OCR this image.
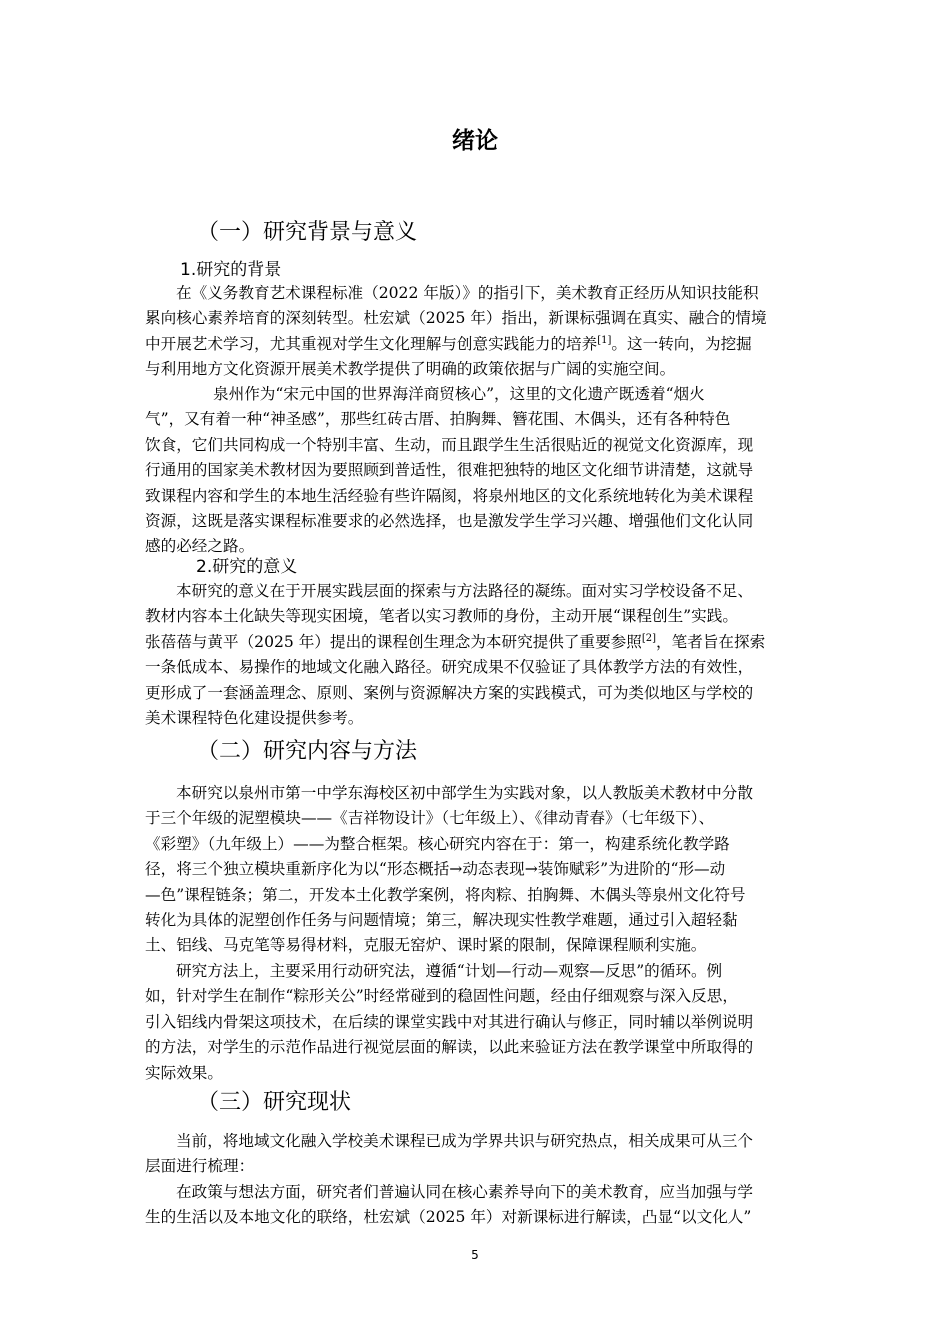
绪论
（一）研究背景与意义
1.研究的背景
在《义务教育艺术课程标准（2022 年版）》的指引下，美术教育正经历从知识技能积
累向核心素养培育的深刻转型。杜宏斌（2025 年）指出，新课标强调在真实、融合的情境
中开展艺术学习，尤其重视对学生文化理解与创意实践能力的培养[1]。这一转向，为挖掘
与利用地方文化资源开展美术教学提供了明确的政策依据与广阔的实施空间。
泉州作为“宋元中国的世界海洋商贸核心”，这里的文化遗产既透着“烟火
气”，又有着一种“神圣感”，那些红砖古厝、拍胸舞、簪花围、木偶头，还有各种特色
饮食，它们共同构成一个特别丰富、生动，而且跟学生生活很贴近的视觉文化资源库，现
行通用的国家美术教材因为要照顾到普适性，很难把独特的地区文化细节讲清楚，这就导
致课程内容和学生的本地生活经验有些许隔阂，将泉州地区的文化系统地转化为美术课程
资源，这既是落实课程标准要求的必然选择，也是激发学生学习兴趣、增强他们文化认同
感的必经之路。
2.研究的意义
本研究的意义在于开展实践层面的探索与方法路径的凝练。面对实习学校设备不足、
教材内容本土化缺失等现实困境，笔者以实习教师的身份，主动开展“课程创生”实践。
张蓓蓓与黄平（2025 年）提出的课程创生理念为本研究提供了重要参照[2]，笔者旨在探索
一条低成本、易操作的地域文化融入路径。研究成果不仅验证了具体教学方法的有效性，
更形成了一套涵盖理念、原则、案例与资源解决方案的实践模式，可为类似地区与学校的
美术课程特色化建设提供参考。
（二）研究内容与方法
本研究以泉州市第一中学东海校区初中部学生为实践对象，以人教版美术教材中分散
于三个年级的泥塑模块——《吉祥物设计》（七年级上）、《律动青春》（七年级下）、
《彩塑》（九年级上）——为整合框架。核心研究内容在于：第一，构建系统化教学路
径，将三个独立模块重新序化为以“形态概括→动态表现→装饰赋彩”为进阶的“形—动
—色”课程链条；第二，开发本土化教学案例，将肉粽、拍胸舞、木偶头等泉州文化符号
转化为具体的泥塑创作任务与问题情境；第三，解决现实性教学难题，通过引入超轻黏
土、铝线、马克笔等易得材料，克服无窑炉、课时紧的限制，保障课程顺利实施。
研究方法上，主要采用行动研究法，遵循“计划—行动—观察—反思”的循环。例
如，针对学生在制作“粽形关公”时经常碰到的稳固性问题，经由仔细观察与深入反思，
引入铝线内骨架这项技术，在后续的课堂实践中对其进行确认与修正，同时辅以举例说明
的方法，对学生的示范作品进行视觉层面的解读，以此来验证方法在教学课堂中所取得的
实际效果。
（三）研究现状
当前，将地域文化融入学校美术课程已成为学界共识与研究热点，相关成果可从三个
层面进行梳理：
在政策与想法方面，研究者们普遍认同在核心素养导向下的美术教育，应当加强与学
生的生活以及本地文化的联络，杜宏斌（2025 年）对新课标进行解读，凸显“以文化人”
5
